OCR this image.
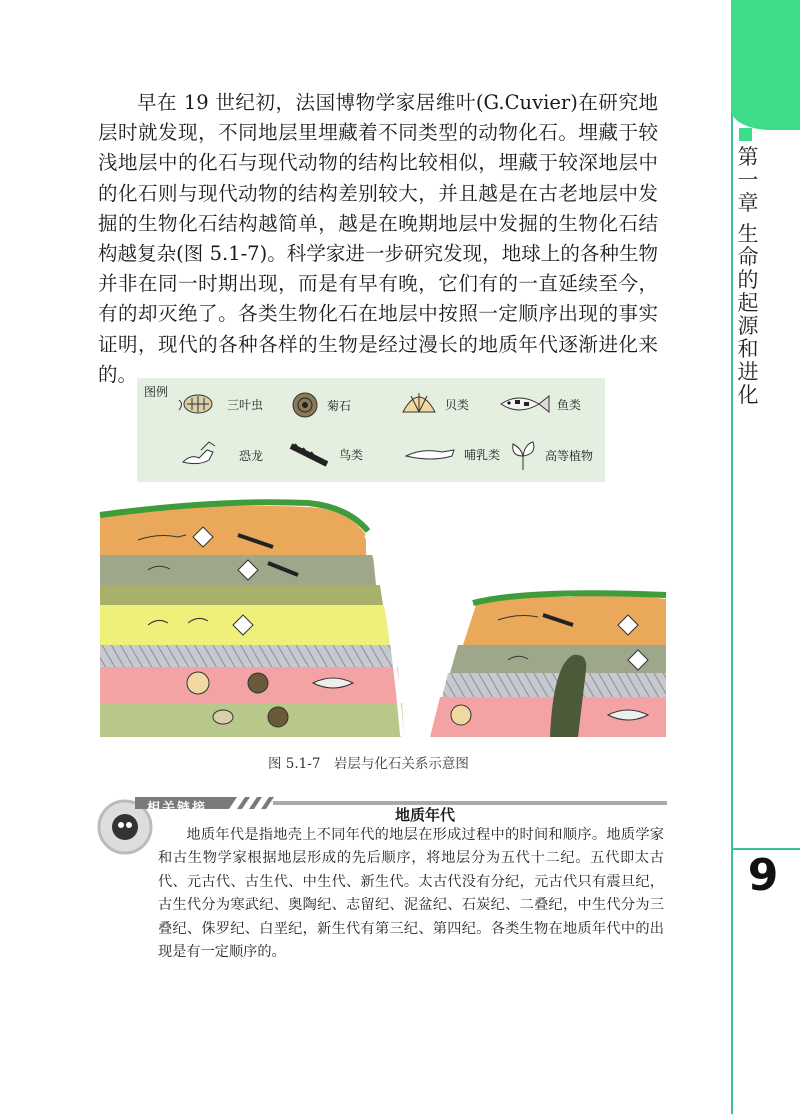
第
一
章
生
命
的
起
源
和
进
化
9

早在 19 世纪初，法国博物学家居维叶(G.Cuvier)在研究地层时就发现，不同地层里埋藏着不同类型的动物化石。埋藏于较浅地层中的化石与现代动物的结构比较相似，埋藏于较深地层中的化石则与现代动物的结构差别较大，并且越是在古老地层中发掘的生物化石结构越简单，越是在晚期地层中发掘的生物化石结构越复杂(图 5.1-7)。科学家进一步研究发现，地球上的各种生物并非在同一时期出现，而是有早有晚，它们有的一直延续至今，有的却灭绝了。各类生物化石在地层中按照一定顺序出现的事实证明，现代的各种各样的生物是经过漫长的地质年代逐渐进化来的。

图例
三叶虫	菊石	贝类	鱼类
恐龙	鸟类	哺乳类	高等植物
图 5.1-7　岩层与化石关系示意图
相关链接	地质年代

地质年代是指地壳上不同年代的地层在形成过程中的时间和顺序。地质学家和古生物学家根据地层形成的先后顺序，将地层分为五代十二纪。五代即太古代、元古代、古生代、中生代、新生代。太古代没有分纪，元古代只有震旦纪，古生代分为寒武纪、奥陶纪、志留纪、泥盆纪、石炭纪、二叠纪，中生代分为三叠纪、侏罗纪、白垩纪，新生代有第三纪、第四纪。各类生物在地质年代中的出现是有一定顺序的。
